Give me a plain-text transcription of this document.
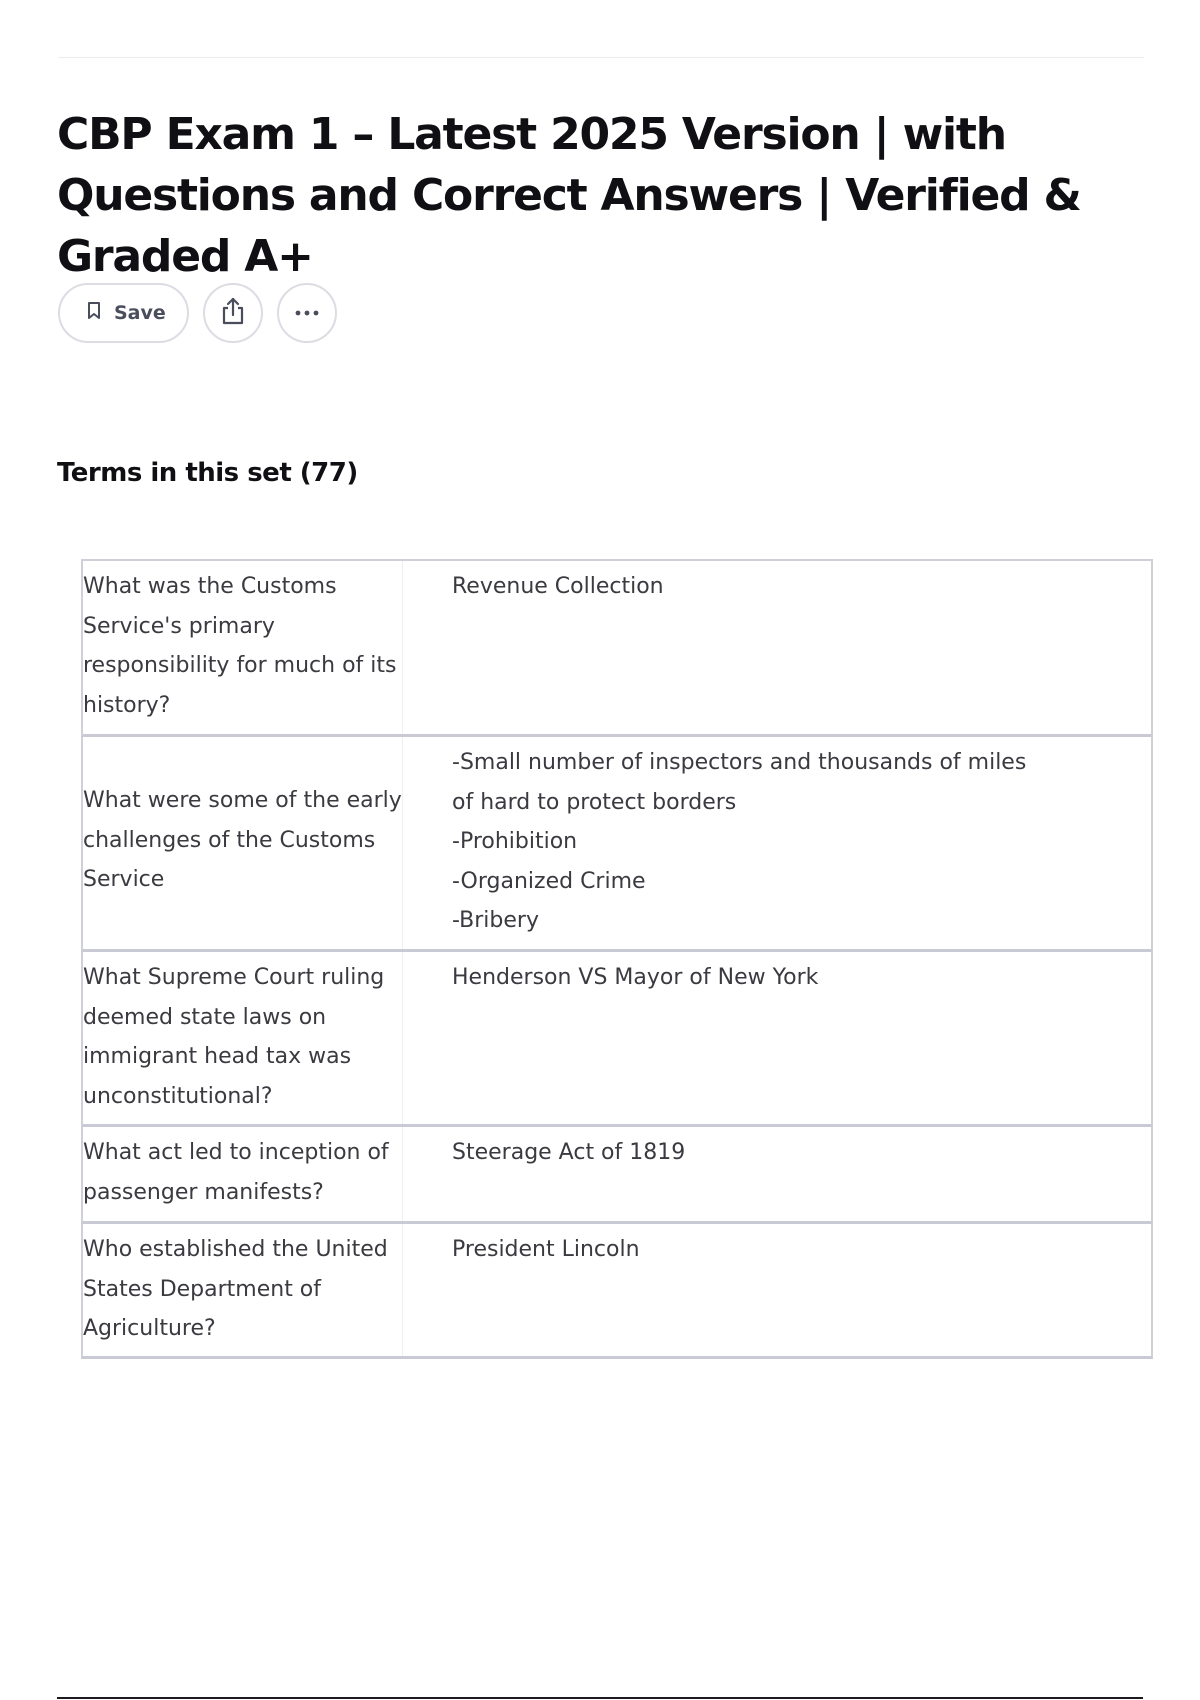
CBP Exam 1 – Latest 2025 Version | with Questions and Correct Answers | Verified & Graded A+
Save
Terms in this set (77)
What was the Customs Service's primary responsibility for much of its history?
Revenue Collection
What were some of the early challenges of the Customs Service
-Small number of inspectors and thousands of miles
of hard to protect borders
-Prohibition
-Organized Crime
-Bribery
What Supreme Court ruling deemed state laws on immigrant head tax was unconstitutional?
Henderson VS Mayor of New York
What act led to inception of passenger manifests?
Steerage Act of 1819
Who established the United States Department of Agriculture?
President Lincoln
